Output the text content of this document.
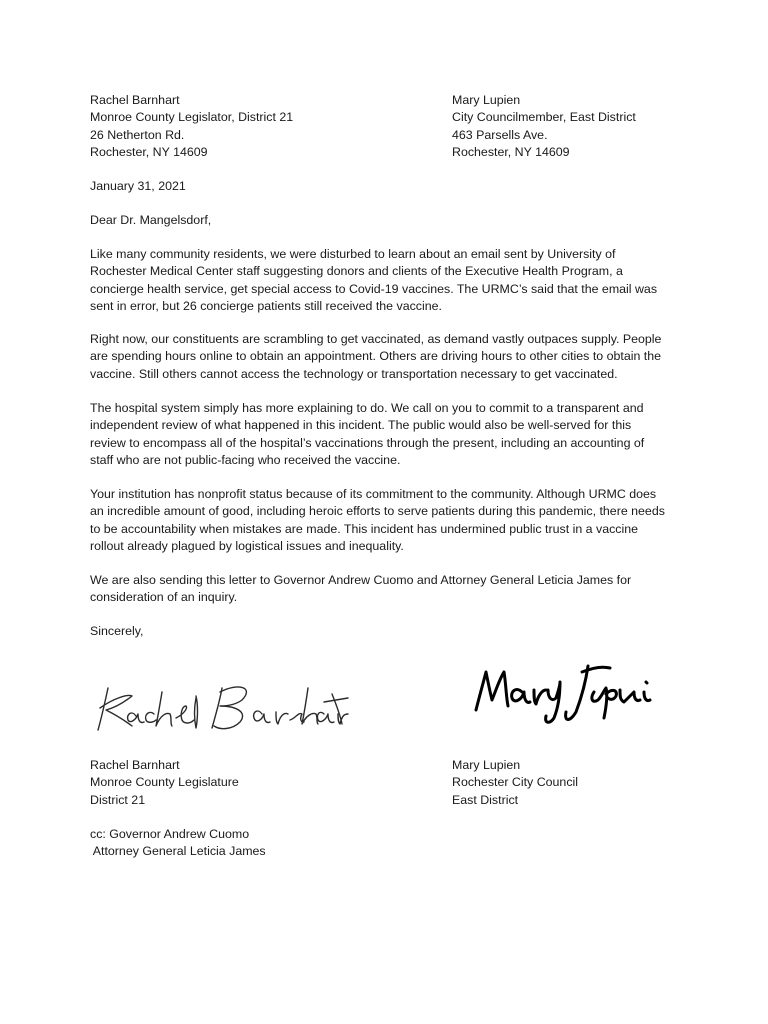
Rachel Barnhart
Monroe County Legislator, District 21
26 Netherton Rd.
Rochester, NY 14609
Mary Lupien
City Councilmember, East District
463 Parsells Ave.
Rochester, NY 14609
January 31, 2021
Dear Dr. Mangelsdorf,
Like many community residents, we were disturbed to learn about an email sent by University of
Rochester Medical Center staff suggesting donors and clients of the Executive Health Program, a
concierge health service, get special access to Covid-19 vaccines. The URMC’s said that the email was
sent in error, but 26 concierge patients still received the vaccine.
Right now, our constituents are scrambling to get vaccinated, as demand vastly outpaces supply. People
are spending hours online to obtain an appointment. Others are driving hours to other cities to obtain the
vaccine. Still others cannot access the technology or transportation necessary to get vaccinated.
The hospital system simply has more explaining to do. We call on you to commit to a transparent and
independent review of what happened in this incident. The public would also be well-served for this
review to encompass all of the hospital’s vaccinations through the present, including an accounting of
staff who are not public-facing who received the vaccine.
Your institution has nonprofit status because of its commitment to the community. Although URMC does
an incredible amount of good, including heroic efforts to serve patients during this pandemic, there needs
to be accountability when mistakes are made. This incident has undermined public trust in a vaccine
rollout already plagued by logistical issues and inequality.
We are also sending this letter to Governor Andrew Cuomo and Attorney General Leticia James for
consideration of an inquiry.
Sincerely,
Rachel Barnhart
Monroe County Legislature
District 21
Mary Lupien
Rochester City Council
East District
cc: Governor Andrew Cuomo
Attorney General Leticia James
